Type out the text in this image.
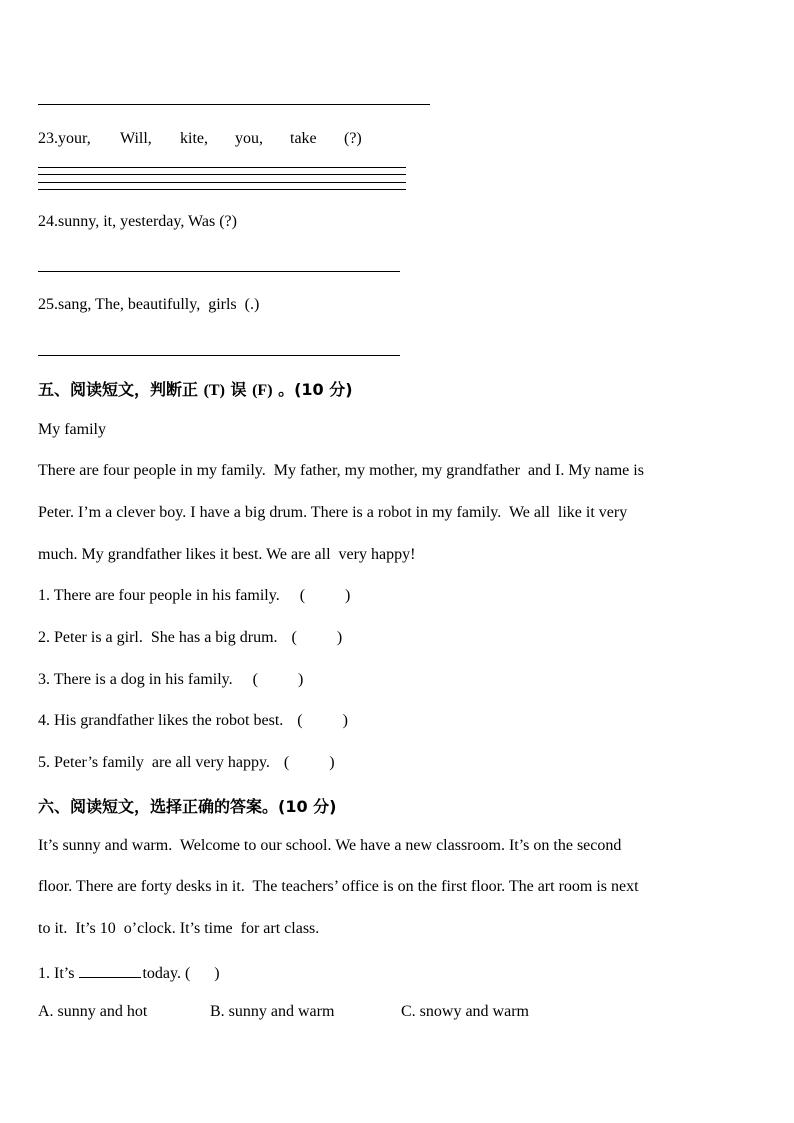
23.your, Will, kite, you, take (?)
24.sunny, it, yesterday, Was (?)
25.sang, The, beautifully,  girls  (.)
五、阅读短文，判断正 (T) 误 (F) 。(10 分)
My family
There are four people in my family.  My father, my mother, my grandfather  and I. My name is
Peter. I’m a clever boy. I have a big drum. There is a robot in my family.  We all  like it very
much. My grandfather likes it best. We are all  very happy!
1. There are four people in his family. (          )
2. Peter is a girl.  She has a big drum. (          )
3. There is a dog in his family. (          )
4. His grandfather likes the robot best. (          )
5. Peter’s family  are all very happy. (          )
六、阅读短文，选择正确的答案。(10 分)
It’s sunny and warm.  Welcome to our school. We have a new classroom. It’s on the second
floor. There are forty desks in it.  The teachers’ office is on the first floor. The art room is next
to it.  It’s 10  o’clock. It’s time  for art class.
1. It’s	today. (      )
A. sunny and hot	B. sunny and warm	C. snowy and warm
